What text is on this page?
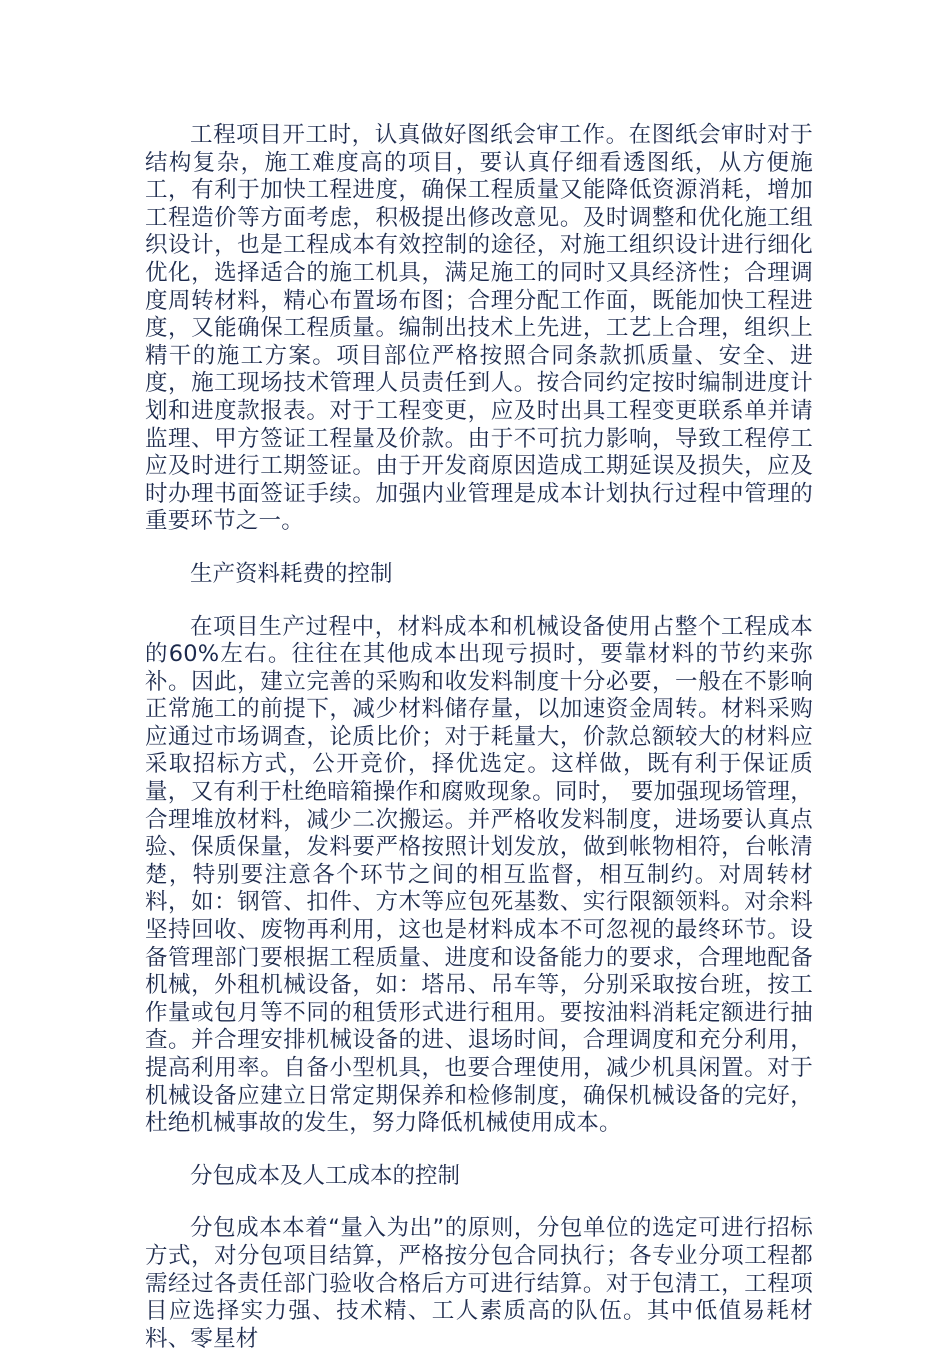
工程项目开工时，认真做好图纸会审工作。在图纸会审时对于结构复杂，施工难度高的项目，要认真仔细看透图纸，从方便施工，有利于加快工程进度，确保工程质量又能降低资源消耗，增加工程造价等方面考虑，积极提出修改意见。及时调整和优化施工组织设计，也是工程成本有效控制的途径，对施工组织设计进行细化优化，选择适合的施工机具，满足施工的同时又具经济性；合理调度周转材料，精心布置场布图；合理分配工作面，既能加快工程进度，又能确保工程质量。编制出技术上先进，工艺上合理，组织上精干的施工方案。项目部位严格按照合同条款抓质量、安全、进度，施工现场技术管理人员责任到人。按合同约定按时编制进度计划和进度款报表。对于工程变更，应及时出具工程变更联系单并请监理、甲方签证工程量及价款。由于不可抗力影响，导致工程停工应及时进行工期签证。由于开发商原因造成工期延误及损失，应及时办理书面签证手续。加强内业管理是成本计划执行过程中管理的重要环节之一。

生产资料耗费的控制

在项目生产过程中，材料成本和机械设备使用占整个工程成本的60%左右。往往在其他成本出现亏损时，要靠材料的节约来弥补。因此，建立完善的采购和收发料制度十分必要，一般在不影响正常施工的前提下，减少材料储存量，以加速资金周转。材料采购应通过市场调查，论质比价；对于耗量大，价款总额较大的材料应采取招标方式，公开竞价，择优选定。这样做，既有利于保证质量，又有利于杜绝暗箱操作和腐败现象。同时， 要加强现场管理，合理堆放材料，减少二次搬运。并严格收发料制度，进场要认真点验、保质保量，发料要严格按照计划发放，做到帐物相符，台帐清楚，特别要注意各个环节之间的相互监督，相互制约。对周转材料，如：钢管、扣件、方木等应包死基数、实行限额领料。对余料坚持回收、废物再利用，这也是材料成本不可忽视的最终环节。设备管理部门要根据工程质量、进度和设备能力的要求，合理地配备机械，外租机械设备，如：塔吊、吊车等，分别采取按台班，按工作量或包月等不同的租赁形式进行租用。要按油料消耗定额进行抽查。并合理安排机械设备的进、退场时间，合理调度和充分利用，提高利用率。自备小型机具，也要合理使用，减少机具闲置。对于机械设备应建立日常定期保养和检修制度，确保机械设备的完好，杜绝机械事故的发生，努力降低机械使用成本。

分包成本及人工成本的控制

分包成本本着“量入为出”的原则，分包单位的选定可进行招标方式，对分包项目结算，严格按分包合同执行；各专业分项工程都需经过各责任部门验收合格后方可进行结算。对于包清工，工程项目应选择实力强、技术精、工人素质高的队伍。其中低值易耗材料、零星材
